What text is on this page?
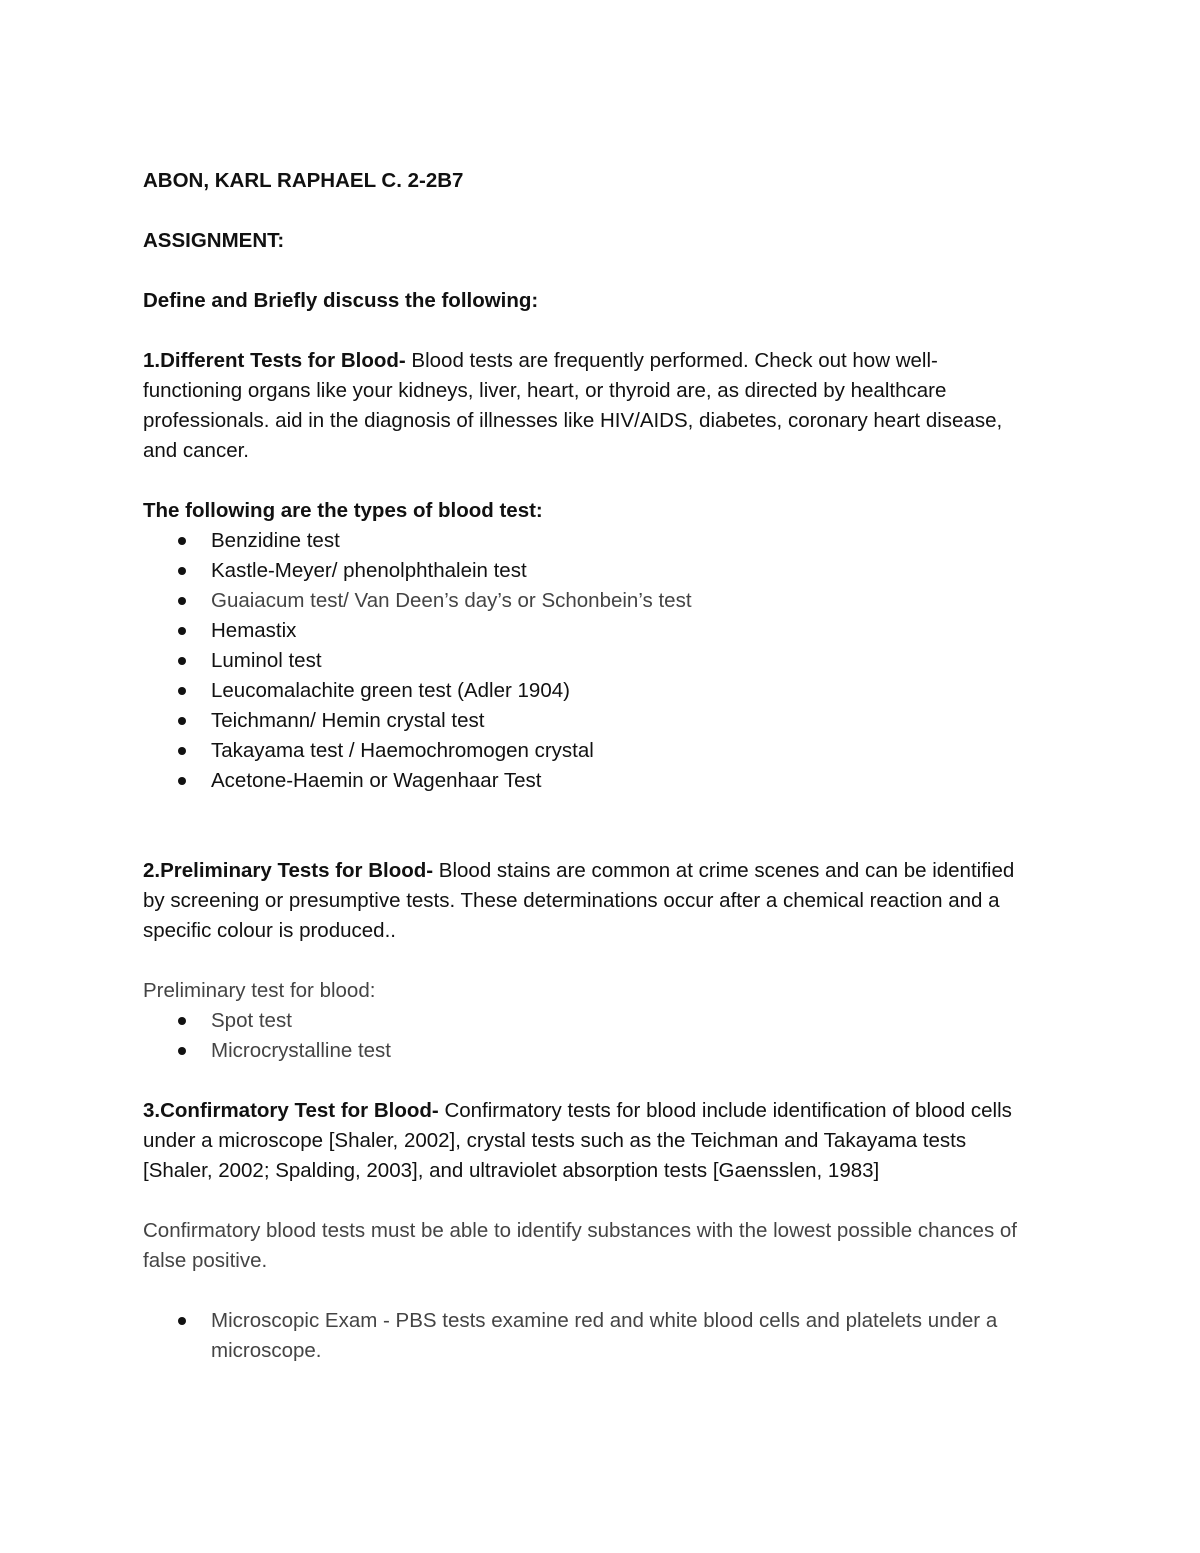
ABON, KARL RAPHAEL C. 2-2B7
ASSIGNMENT:
Define and Briefly discuss the following:

1.Different Tests for Blood- Blood tests are frequently performed. Check out how well-functioning organs like your kidneys, liver, heart, or thyroid are, as directed by healthcare professionals. aid in the diagnosis of illnesses like HIV/AIDS, diabetes, coronary heart disease, and cancer.

The following are the types of blood test:
Benzidine test
Kastle-Meyer/ phenolphthalein test
Guaiacum test/ Van Deen’s day’s or Schonbein’s test
Hemastix
Luminol test
Leucomalachite green test (Adler 1904)
Teichmann/ Hemin crystal test
Takayama test / Haemochromogen crystal
Acetone-Haemin or Wagenhaar Test

2.Preliminary Tests for Blood- Blood stains are common at crime scenes and can be identified by screening or presumptive tests. These determinations occur after a chemical reaction and a specific colour is produced..

Preliminary test for blood:
Spot test
Microcrystalline test

3.Confirmatory Test for Blood- Confirmatory tests for blood include identification of blood cells under a microscope [Shaler, 2002], crystal tests such as the Teichman and Takayama tests [Shaler, 2002; Spalding, 2003], and ultraviolet absorption tests [Gaensslen, 1983]

Confirmatory blood tests must be able to identify substances with the lowest possible chances of false positive.

Microscopic Exam - PBS tests examine red and white blood cells and platelets under a microscope.
